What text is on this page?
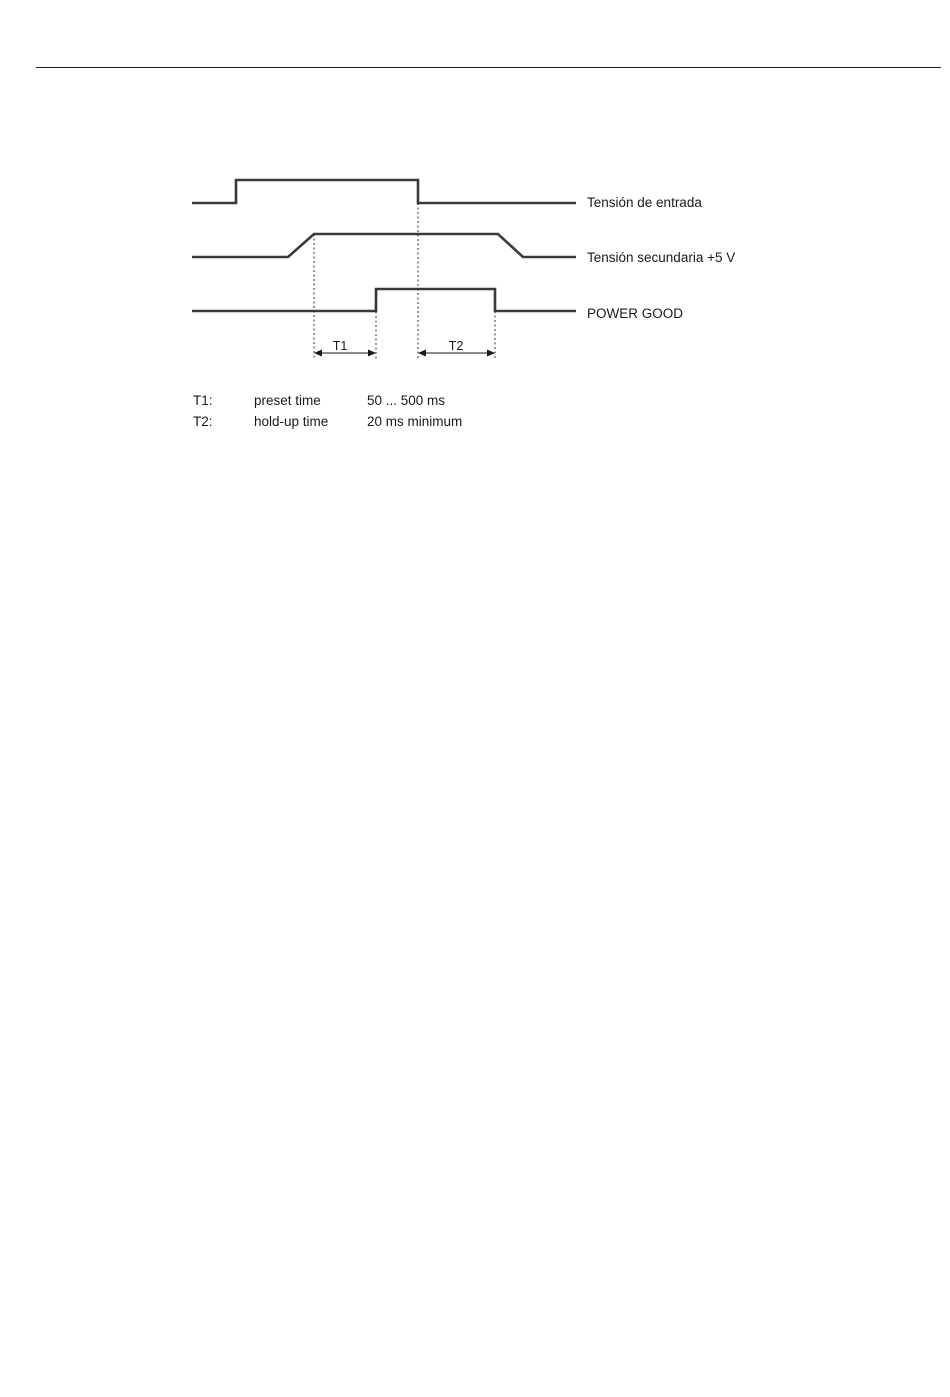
T1	T2
Tensión de entrada
Tensión secundaria +5 V
POWER GOOD
T1:	preset time	50 ... 500 ms
T2:	hold-up time	20 ms minimum
